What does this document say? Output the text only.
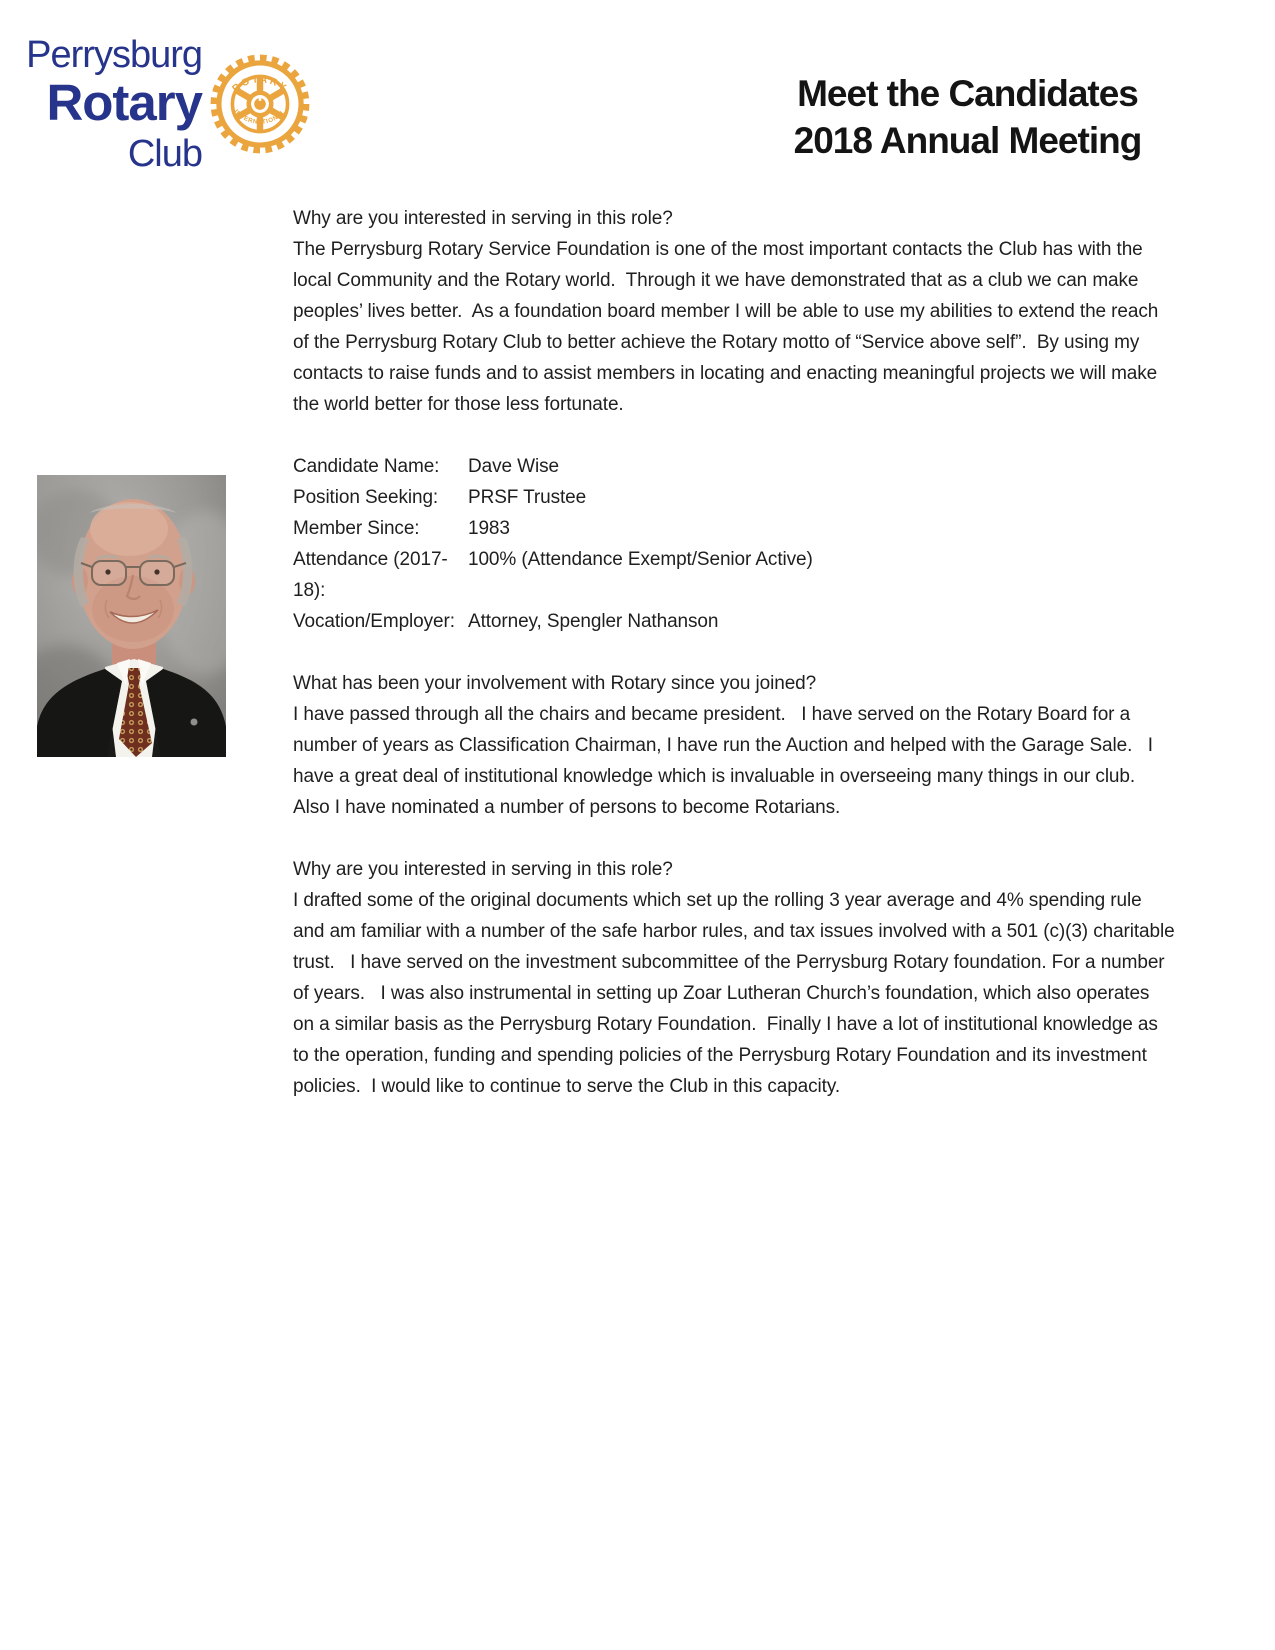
Perrysburg
Rotary
Club
ROTARY
INTERNATIONAL	Meet the Candidates
2018 Annual Meeting
Why are you interested in serving in this role?
The Perrysburg Rotary Service Foundation is one of the most important contacts the Club has with the local Community and the Rotary world.  Through it we have demonstrated that as a club we can make peoples’ lives better.  As a foundation board member I will be able to use my abilities to extend the reach of the Perrysburg Rotary Club to better achieve the Rotary motto of “Service above self”.  By using my contacts to raise funds and to assist members in locating and enacting meaningful projects we will make the world better for those less fortunate.
Candidate Name:	Dave Wise
Position Seeking:	PRSF Trustee
Member Since:	1983
Attendance (2017-18):
100% (Attendance Exempt/Senior Active)
Vocation/Employer: Attorney, Spengler Nathanson
What has been your involvement with Rotary since you joined?
I have passed through all the chairs and became president.   I have served on the Rotary Board for a number of years as Classification Chairman, I have run the Auction and helped with the Garage Sale.   I have a great deal of institutional knowledge which is invaluable in overseeing many things in our club.   Also I have nominated a number of persons to become Rotarians.
Why are you interested in serving in this role?
I drafted some of the original documents which set up the rolling 3 year average and 4% spending rule and am familiar with a number of the safe harbor rules, and tax issues involved with a 501 (c)(3) charitable trust.   I have served on the investment subcommittee of the Perrysburg Rotary foundation. For a number of years.   I was also instrumental in setting up Zoar Lutheran Church’s foundation, which also operates on a similar basis as the Perrysburg Rotary Foundation.  Finally I have a lot of institutional knowledge as to the operation, funding and spending policies of the Perrysburg Rotary Foundation and its investment policies.  I would like to continue to serve the Club in this capacity.
